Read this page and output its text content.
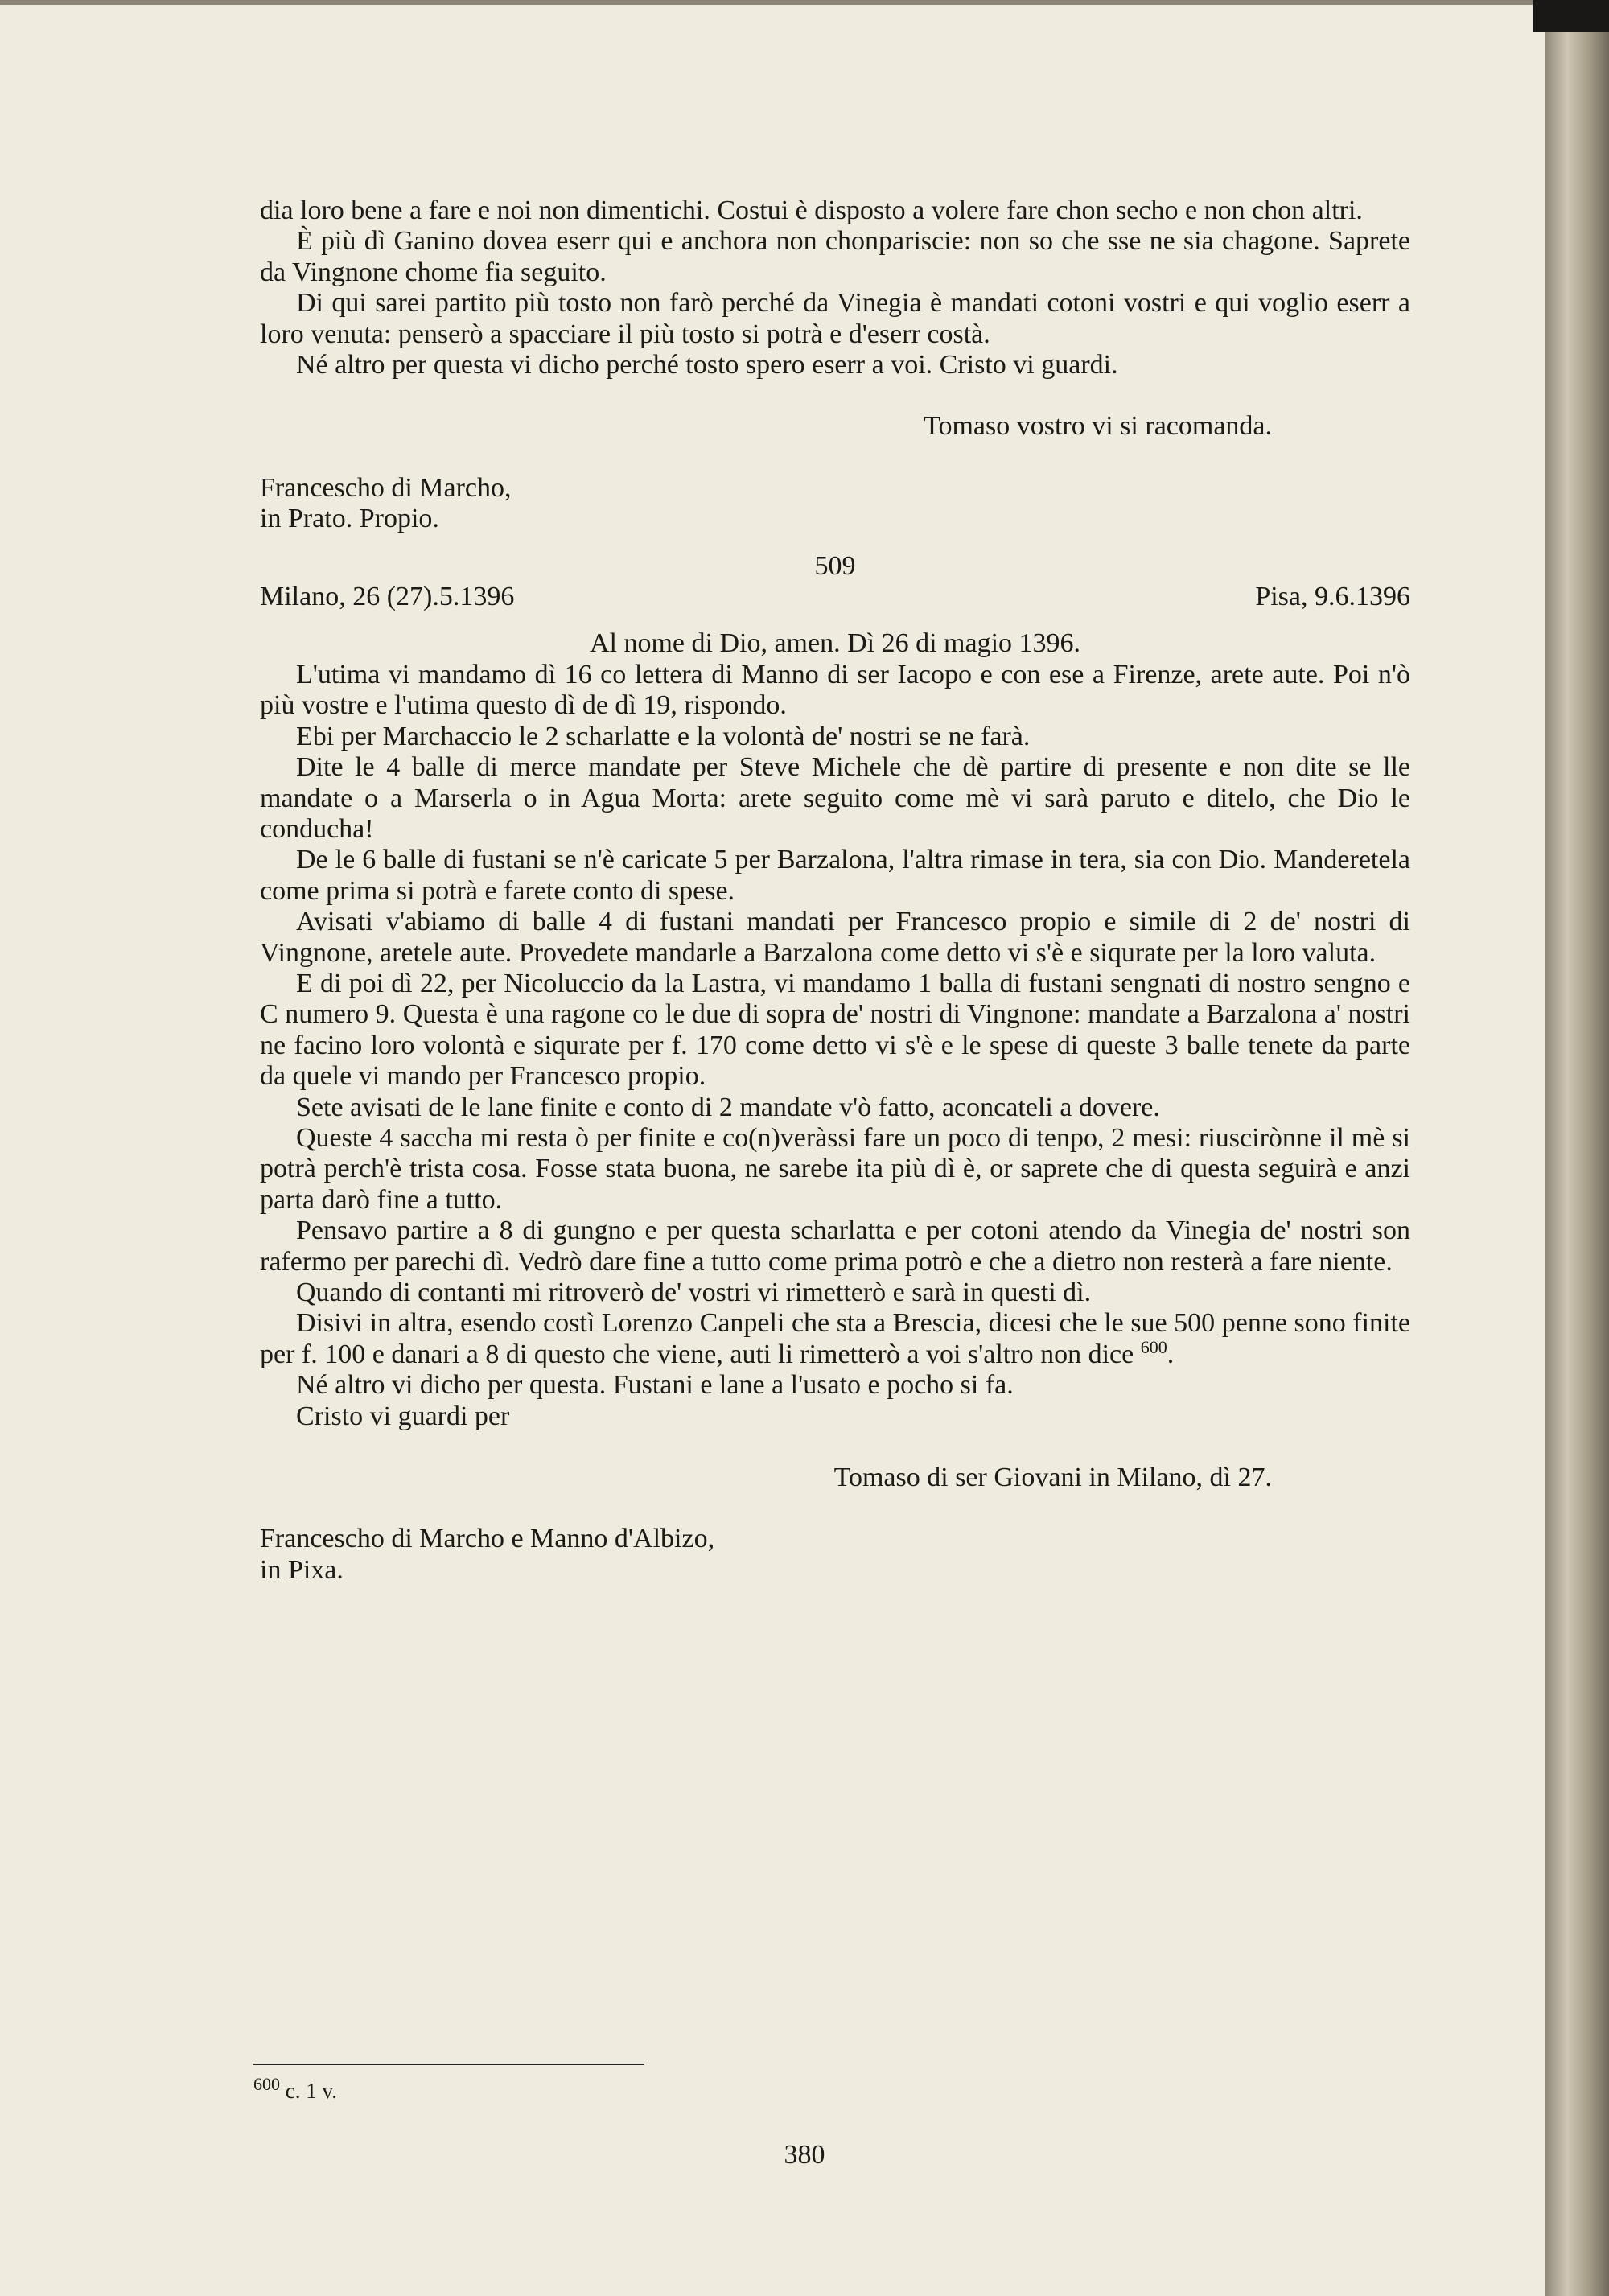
dia loro bene a fare e noi non dimentichi. Costui è disposto a volere fare chon secho e non chon altri.

È più dì Ganino dovea eserr qui e anchora non chonpariscie: non so che sse ne sia chagone. Saprete da Vingnone chome fia seguito.

Di qui sarei partito più tosto non farò perché da Vinegia è mandati cotoni vostri e qui voglio eserr a loro venuta: penserò a spacciare il più tosto si potrà e d'eserr costà.

Né altro per questa vi dicho perché tosto spero eserr a voi. Cristo vi guardi.

Tomaso vostro vi si racomanda.

Francescho di Marcho,

in Prato. Propio.

509

Milano, 26 (27).5.1396	Pisa, 9.6.1396

Al nome di Dio, amen. Dì 26 di magio 1396.

L'utima vi mandamo dì 16 co lettera di Manno di ser Iacopo e con ese a Firenze, arete aute. Poi n'ò più vostre e l'utima questo dì de dì 19, rispondo.

Ebi per Marchaccio le 2 scharlatte e la volontà de' nostri se ne farà.

Dite le 4 balle di merce mandate per Steve Michele che dè partire di presente e non dite se lle mandate o a Marserla o in Agua Morta: arete seguito come mè vi sarà paruto e ditelo, che Dio le conducha!

De le 6 balle di fustani se n'è caricate 5 per Barzalona, l'altra rimase in tera, sia con Dio. Manderetela come prima si potrà e farete conto di spese.

Avisati v'abiamo di balle 4 di fustani mandati per Francesco propio e simile di 2 de' nostri di Vingnone, aretele aute. Provedete mandarle a Barzalona come detto vi s'è e siqurate per la loro valuta.

E di poi dì 22, per Nicoluccio da la Lastra, vi mandamo 1 balla di fustani sengnati di nostro sengno e C numero 9. Questa è una ragone co le due di sopra de' nostri di Vingnone: mandate a Barzalona a' nostri ne facino loro volontà e siqurate per f. 170 come detto vi s'è e le spese di queste 3 balle tenete da parte da quele vi mando per Francesco propio.

Sete avisati de le lane finite e conto di 2 mandate v'ò fatto, aconcateli a dovere.

Queste 4 saccha mi resta ò per finite e co(n)veràssi fare un poco di tenpo, 2 mesi: riuscirònne il mè si potrà perch'è trista cosa. Fosse stata buona, ne sarebe ita più dì è, or saprete che di questa seguirà e anzi parta darò fine a tutto.

Pensavo partire a 8 di gungno e per questa scharlatta e per cotoni atendo da Vinegia de' nostri son rafermo per parechi dì. Vedrò dare fine a tutto come prima potrò e che a dietro non resterà a fare niente.

Quando di contanti mi ritroverò de' vostri vi rimetterò e sarà in questi dì.

Disivi in altra, esendo costì Lorenzo Canpeli che sta a Brescia, dicesi che le sue 500 penne sono finite per f. 100 e danari a 8 di questo che viene, auti li rimetterò a voi s'altro non dice $^{600}$.

Né altro vi dicho per questa. Fustani e lane a l'usato e pocho si fa.

Cristo vi guardi per

Tomaso di ser Giovani in Milano, dì 27.

Francescho di Marcho e Manno d'Albizo,

in Pixa.

$^{600}$ c. 1 v.
380
